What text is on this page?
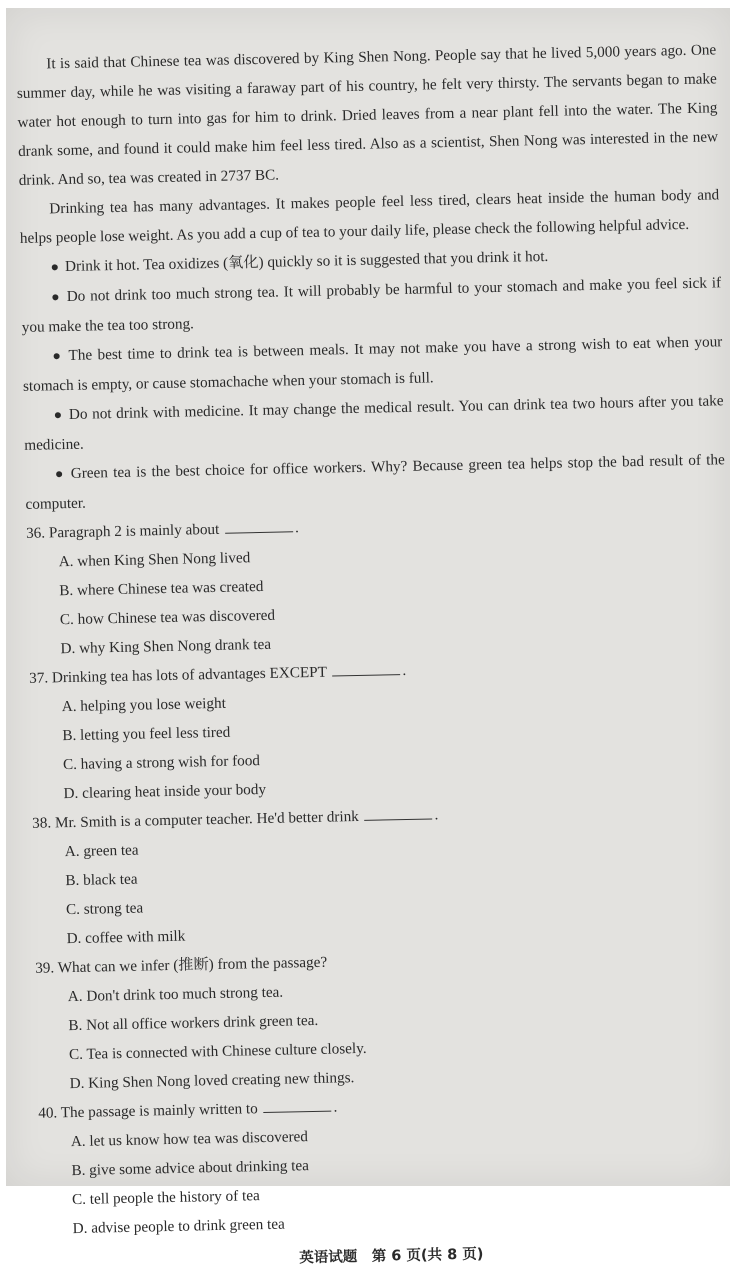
It is said that Chinese tea was discovered by King Shen Nong. People say that he lived 5,000 years ago. One summer day, while he was visiting a faraway part of his country, he felt very thirsty. The servants began to make water hot enough to turn into gas for him to drink. Dried leaves from a near plant fell into the water. The King drank some, and found it could make him feel less tired. Also as a scientist, Shen Nong was interested in the new drink. And so, tea was created in 2737 BC.

Drinking tea has many advantages. It makes people feel less tired, clears heat inside the human body and helps people lose weight. As you add a cup of tea to your daily life, please check the following helpful advice.

● Drink it hot. Tea oxidizes (氧化) quickly so it is suggested that you drink it hot.

● Do not drink too much strong tea. It will probably be harmful to your stomach and make you feel sick if you make the tea too strong.

● The best time to drink tea is between meals. It may not make you have a strong wish to eat when your stomach is empty, or cause stomachache when your stomach is full.

● Do not drink with medicine. It may change the medical result. You can drink tea two hours after you take medicine.

● Green tea is the best choice for office workers. Why? Because green tea helps stop the bad result of the computer.

36. Paragraph 2 is mainly about	.
A. when King Shen Nong lived
B. where Chinese tea was created
C. how Chinese tea was discovered
D. why King Shen Nong drank tea
37. Drinking tea has lots of advantages EXCEPT	.
A. helping you lose weight
B. letting you feel less tired
C. having a strong wish for food
D. clearing heat inside your body
38. Mr. Smith is a computer teacher. He'd better drink	.
A. green tea
B. black tea
C. strong tea
D. coffee with milk
39. What can we infer (推断) from the passage?
A. Don't drink too much strong tea.
B. Not all office workers drink green tea.
C. Tea is connected with Chinese culture closely.
D. King Shen Nong loved creating new things.
40. The passage is mainly written to	.
A. let us know how tea was discovered
B. give some advice about drinking tea
C. tell people the history of tea
D. advise people to drink green tea
英语试题　第 6 页(共 8 页)
